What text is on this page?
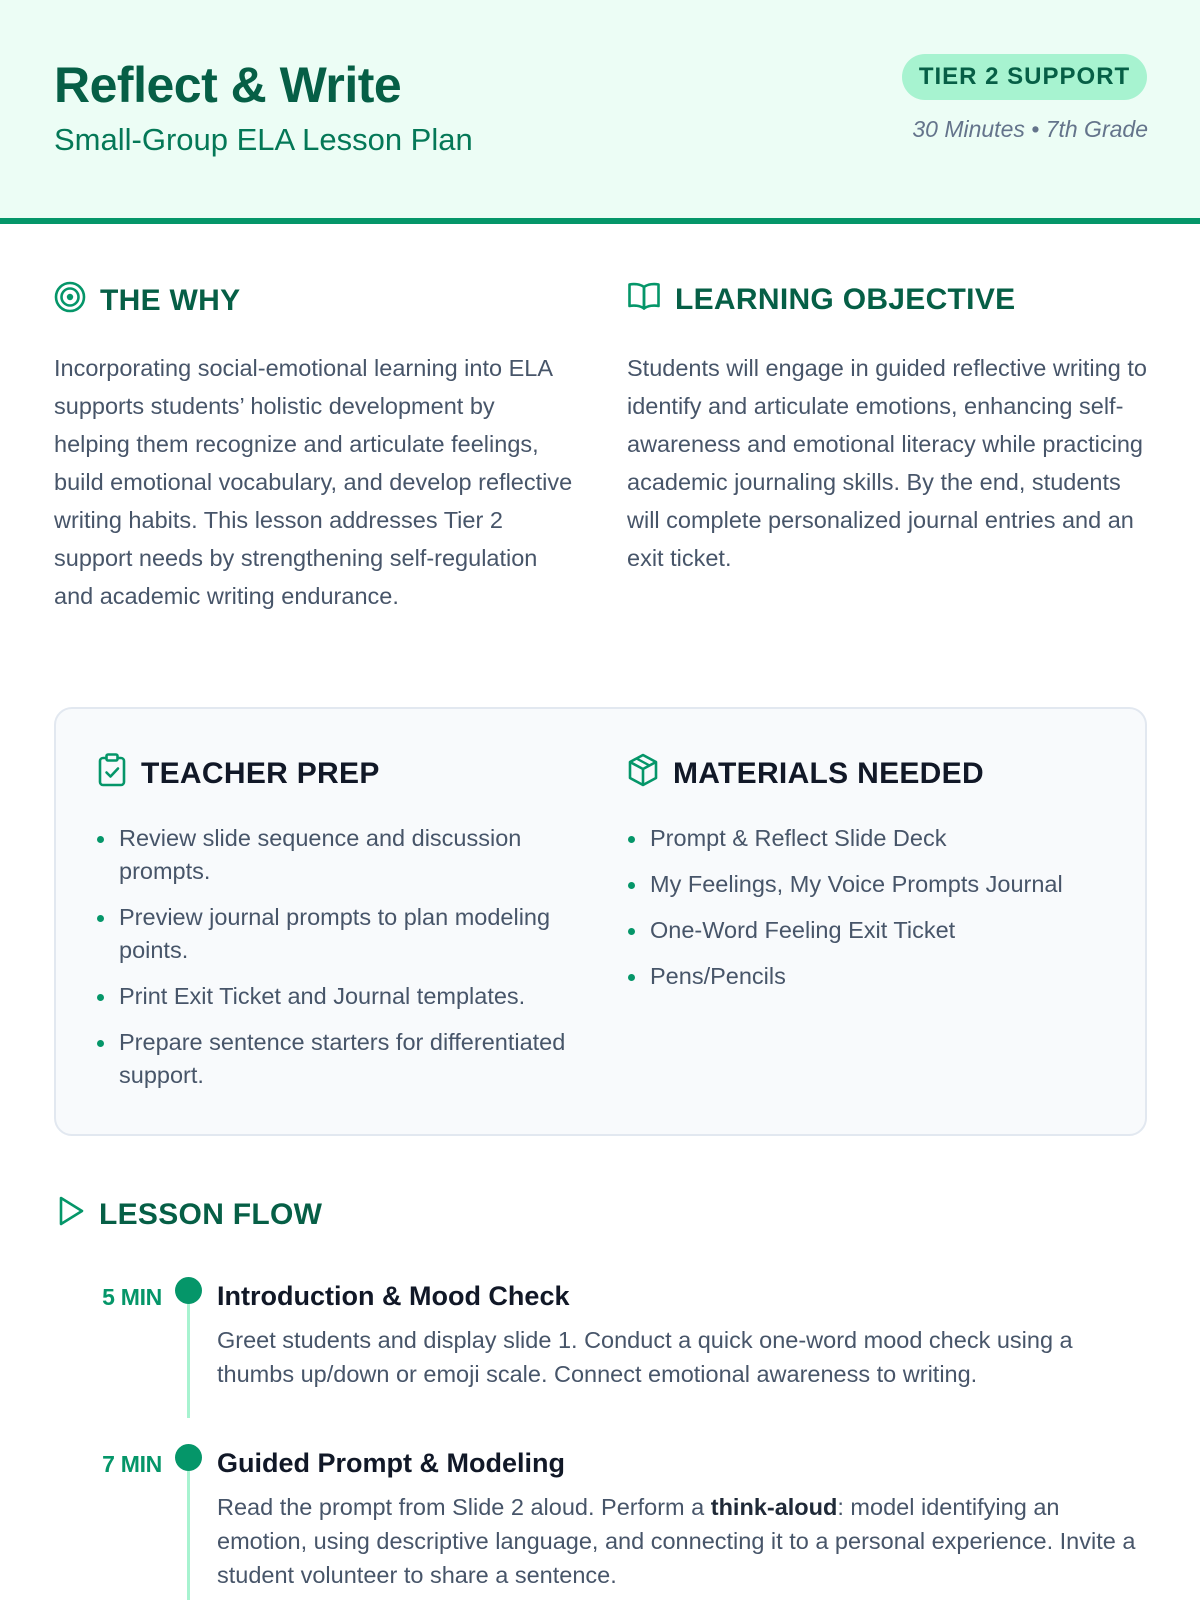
Reflect & Write
Small-Group ELA Lesson Plan
TIER 2 SUPPORT
30 Minutes • 7th Grade
THE WHY
Incorporating social-emotional learning into ELA supports students’ holistic development by helping them recognize and articulate feelings, build emotional vocabulary, and develop reflective writing habits. This lesson addresses Tier 2 support needs by strengthening self-regulation and academic writing endurance.
LEARNING OBJECTIVE
Students will engage in guided reflective writing to identify and articulate emotions, enhancing self-awareness and emotional literacy while practicing academic journaling skills. By the end, students will complete personalized journal entries and an exit ticket.
TEACHER PREP
Review slide sequence and discussion prompts.
Preview journal prompts to plan modeling points.
Print Exit Ticket and Journal templates.
Prepare sentence starters for differentiated support.
MATERIALS NEEDED
Prompt & Reflect Slide Deck
My Feelings, My Voice Prompts Journal
One-Word Feeling Exit Ticket
Pens/Pencils
LESSON FLOW
5 MIN Introduction & Mood Check
Greet students and display slide 1. Conduct a quick one-word mood check using a thumbs up/down or emoji scale. Connect emotional awareness to writing.
7 MIN Guided Prompt & Modeling
Read the prompt from Slide 2 aloud. Perform a think-aloud: model identifying an emotion, using descriptive language, and connecting it to a personal experience. Invite a student volunteer to share a sentence.
